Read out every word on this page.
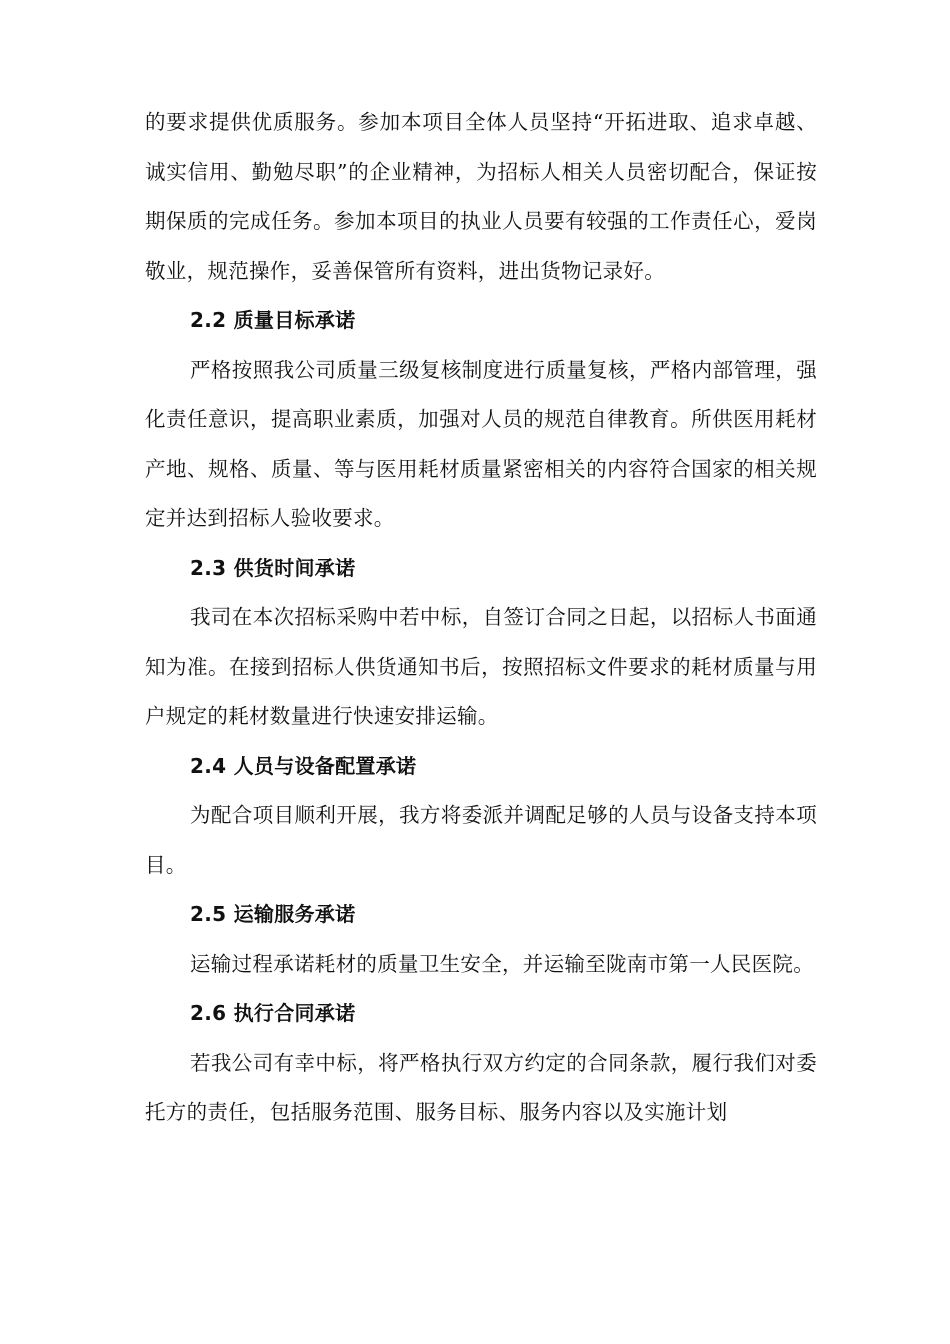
的要求提供优质服务。参加本项目全体人员坚持“开拓进取、追求卓越、诚实信用、勤勉尽职”的企业精神，为招标人相关人员密切配合，保证按期保质的完成任务。参加本项目的执业人员要有较强的工作责任心，爱岗敬业，规范操作，妥善保管所有资料，进出货物记录好。

2.2 质量目标承诺

严格按照我公司质量三级复核制度进行质量复核，严格内部管理，强化责任意识，提高职业素质，加强对人员的规范自律教育。所供医用耗材产地、规格、质量、等与医用耗材质量紧密相关的内容符合国家的相关规定并达到招标人验收要求。

2.3 供货时间承诺

我司在本次招标采购中若中标，自签订合同之日起，以招标人书面通知为准。在接到招标人供货通知书后，按照招标文件要求的耗材质量与用户规定的耗材数量进行快速安排运输。

2.4 人员与设备配置承诺

为配合项目顺利开展，我方将委派并调配足够的人员与设备支持本项目。

2.5 运输服务承诺

运输过程承诺耗材的质量卫生安全，并运输至陇南市第一人民医院。

2.6 执行合同承诺

若我公司有幸中标，将严格执行双方约定的合同条款，履行我们对委托方的责任，包括服务范围、服务目标、服务内容以及实施计划
